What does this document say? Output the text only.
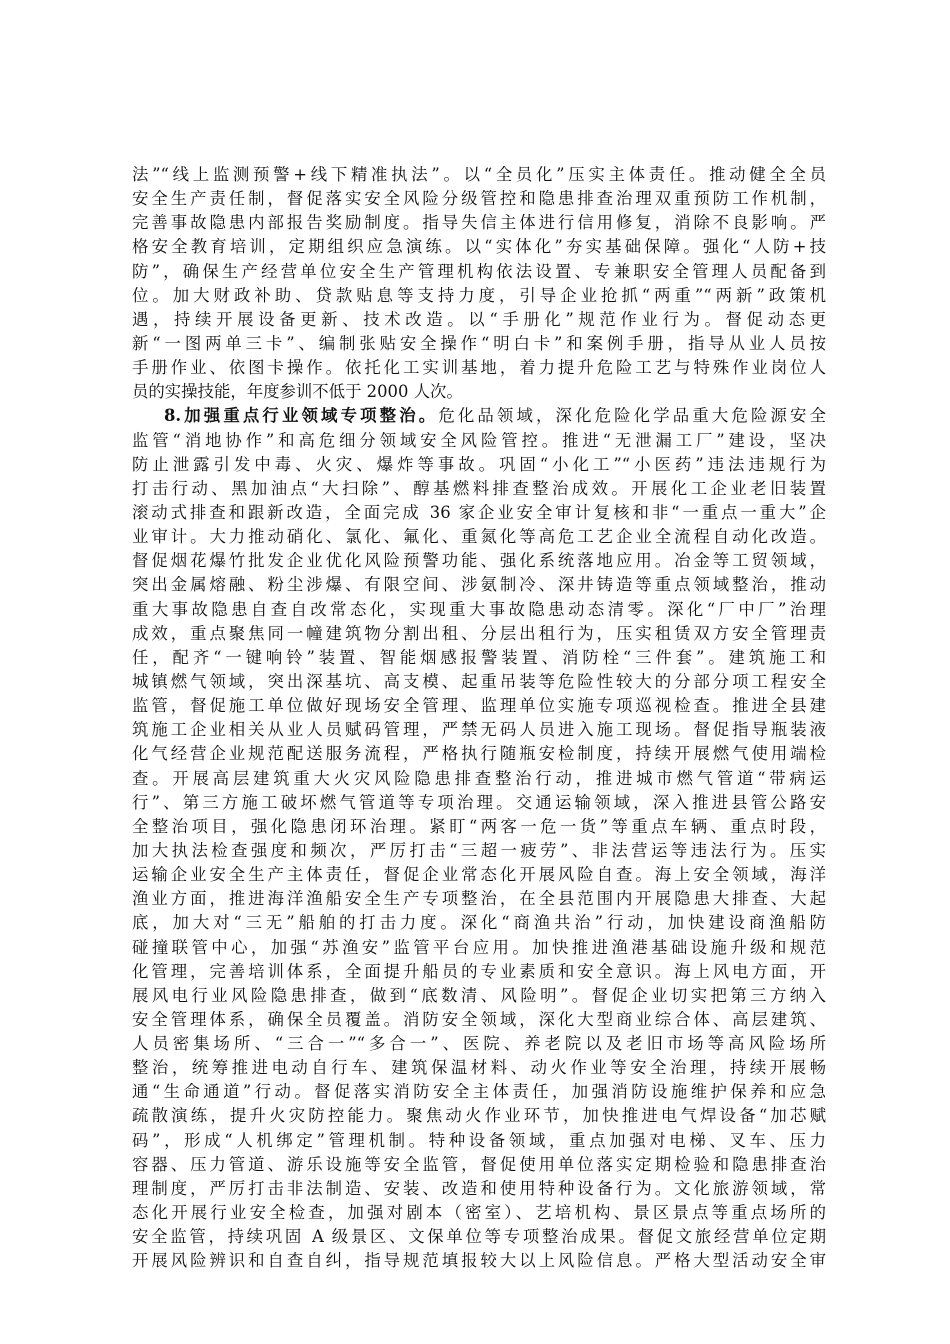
法”“线上监测预警+线下精准执法”。以“全员化”压实主体责任。推动健全全员
安全生产责任制，督促落实安全风险分级管控和隐患排查治理双重预防工作机制，
完善事故隐患内部报告奖励制度。指导失信主体进行信用修复，消除不良影响。严
格安全教育培训，定期组织应急演练。以“实体化”夯实基础保障。强化“人防+技
防”，确保生产经营单位安全生产管理机构依法设置、专兼职安全管理人员配备到
位。加大财政补助、贷款贴息等支持力度，引导企业抢抓“两重”“两新”政策机
遇，持续开展设备更新、技术改造。以“手册化”规范作业行为。督促动态更
新“一图两单三卡”、编制张贴安全操作“明白卡”和案例手册，指导从业人员按
手册作业、依图卡操作。依托化工实训基地，着力提升危险工艺与特殊作业岗位人
员的实操技能，年度参训不低于 2000 人次。
8.加强重点行业领域专项整治。危化品领域，深化危险化学品重大危险源安全
监管“消地协作”和高危细分领域安全风险管控。推进“无泄漏工厂”建设，坚决
防止泄露引发中毒、火灾、爆炸等事故。巩固“小化工”“小医药”违法违规行为
打击行动、黑加油点“大扫除”、醇基燃料排查整治成效。开展化工企业老旧装置
滚动式排查和跟新改造，全面完成 36 家企业安全审计复核和非“一重点一重大”企
业审计。大力推动硝化、氯化、氟化、重氮化等高危工艺企业全流程自动化改造。
督促烟花爆竹批发企业优化风险预警功能、强化系统落地应用。冶金等工贸领域，
突出金属熔融、粉尘涉爆、有限空间、涉氨制冷、深井铸造等重点领域整治，推动
重大事故隐患自查自改常态化，实现重大事故隐患动态清零。深化“厂中厂”治理
成效，重点聚焦同一幢建筑物分割出租、分层出租行为，压实租赁双方安全管理责
任，配齐“一键响铃”装置、智能烟感报警装置、消防栓“三件套”。建筑施工和
城镇燃气领域，突出深基坑、高支模、起重吊装等危险性较大的分部分项工程安全
监管，督促施工单位做好现场安全管理、监理单位实施专项巡视检查。推进全县建
筑施工企业相关从业人员赋码管理，严禁无码人员进入施工现场。督促指导瓶装液
化气经营企业规范配送服务流程，严格执行随瓶安检制度，持续开展燃气使用端检
查。开展高层建筑重大火灾风险隐患排查整治行动，推进城市燃气管道“带病运
行”、第三方施工破坏燃气管道等专项治理。交通运输领域，深入推进县管公路安
全整治项目，强化隐患闭环治理。紧盯“两客一危一货”等重点车辆、重点时段，
加大执法检查强度和频次，严厉打击“三超一疲劳”、非法营运等违法行为。压实
运输企业安全生产主体责任，督促企业常态化开展风险自查。海上安全领域，海洋
渔业方面，推进海洋渔船安全生产专项整治，在全县范围内开展隐患大排查、大起
底，加大对“三无”船舶的打击力度。深化“商渔共治”行动，加快建设商渔船防
碰撞联管中心，加强“苏渔安”监管平台应用。加快推进渔港基础设施升级和规范
化管理，完善培训体系，全面提升船员的专业素质和安全意识。海上风电方面，开
展风电行业风险隐患排查，做到“底数清、风险明”。督促企业切实把第三方纳入
安全管理体系，确保全员覆盖。消防安全领域，深化大型商业综合体、高层建筑、
人员密集场所、“三合一”“多合一”、医院、养老院以及老旧市场等高风险场所
整治，统筹推进电动自行车、建筑保温材料、动火作业等安全治理，持续开展畅
通“生命通道”行动。督促落实消防安全主体责任，加强消防设施维护保养和应急
疏散演练，提升火灾防控能力。聚焦动火作业环节，加快推进电气焊设备“加芯赋
码”，形成“人机绑定”管理机制。特种设备领域，重点加强对电梯、叉车、压力
容器、压力管道、游乐设施等安全监管，督促使用单位落实定期检验和隐患排查治
理制度，严厉打击非法制造、安装、改造和使用特种设备行为。文化旅游领域，常
态化开展行业安全检查，加强对剧本（密室）、艺培机构、景区景点等重点场所的
安全监管，持续巩固 A 级景区、文保单位等专项整治成果。督促文旅经营单位定期
开展风险辨识和自查自纠，指导规范填报较大以上风险信息。严格大型活动安全审
